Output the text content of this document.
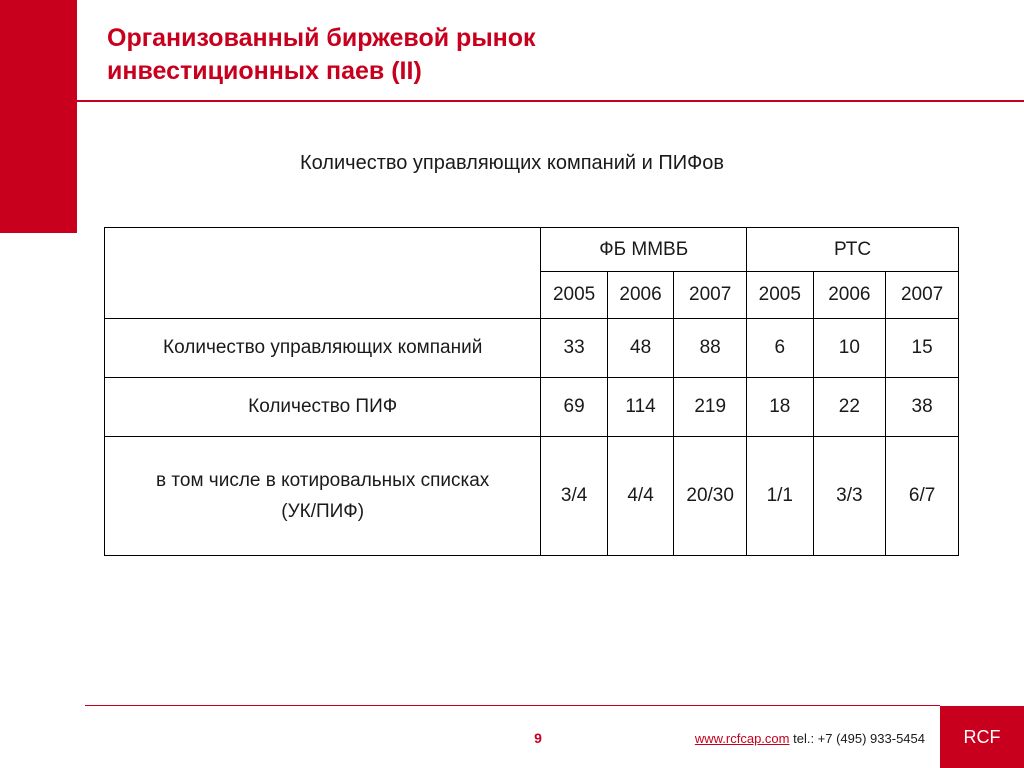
Организованный биржевой рынок
инвестиционных паев (II)
Количество управляющих компаний и ПИФов
	ФБ ММВБ			РТС		
	2005	2006	2007	2005	2006	2007
Количество управляющих компаний	33	48	88	6	10	15
Количество ПИФ	69	114	219	18	22	38
в том числе в котировальных списках
(УК/ПИФ)	3/4	4/4	20/30	1/1	3/3	6/7
9	www.rcfcap.com tel.: +7 (495) 933-5454	RCF
